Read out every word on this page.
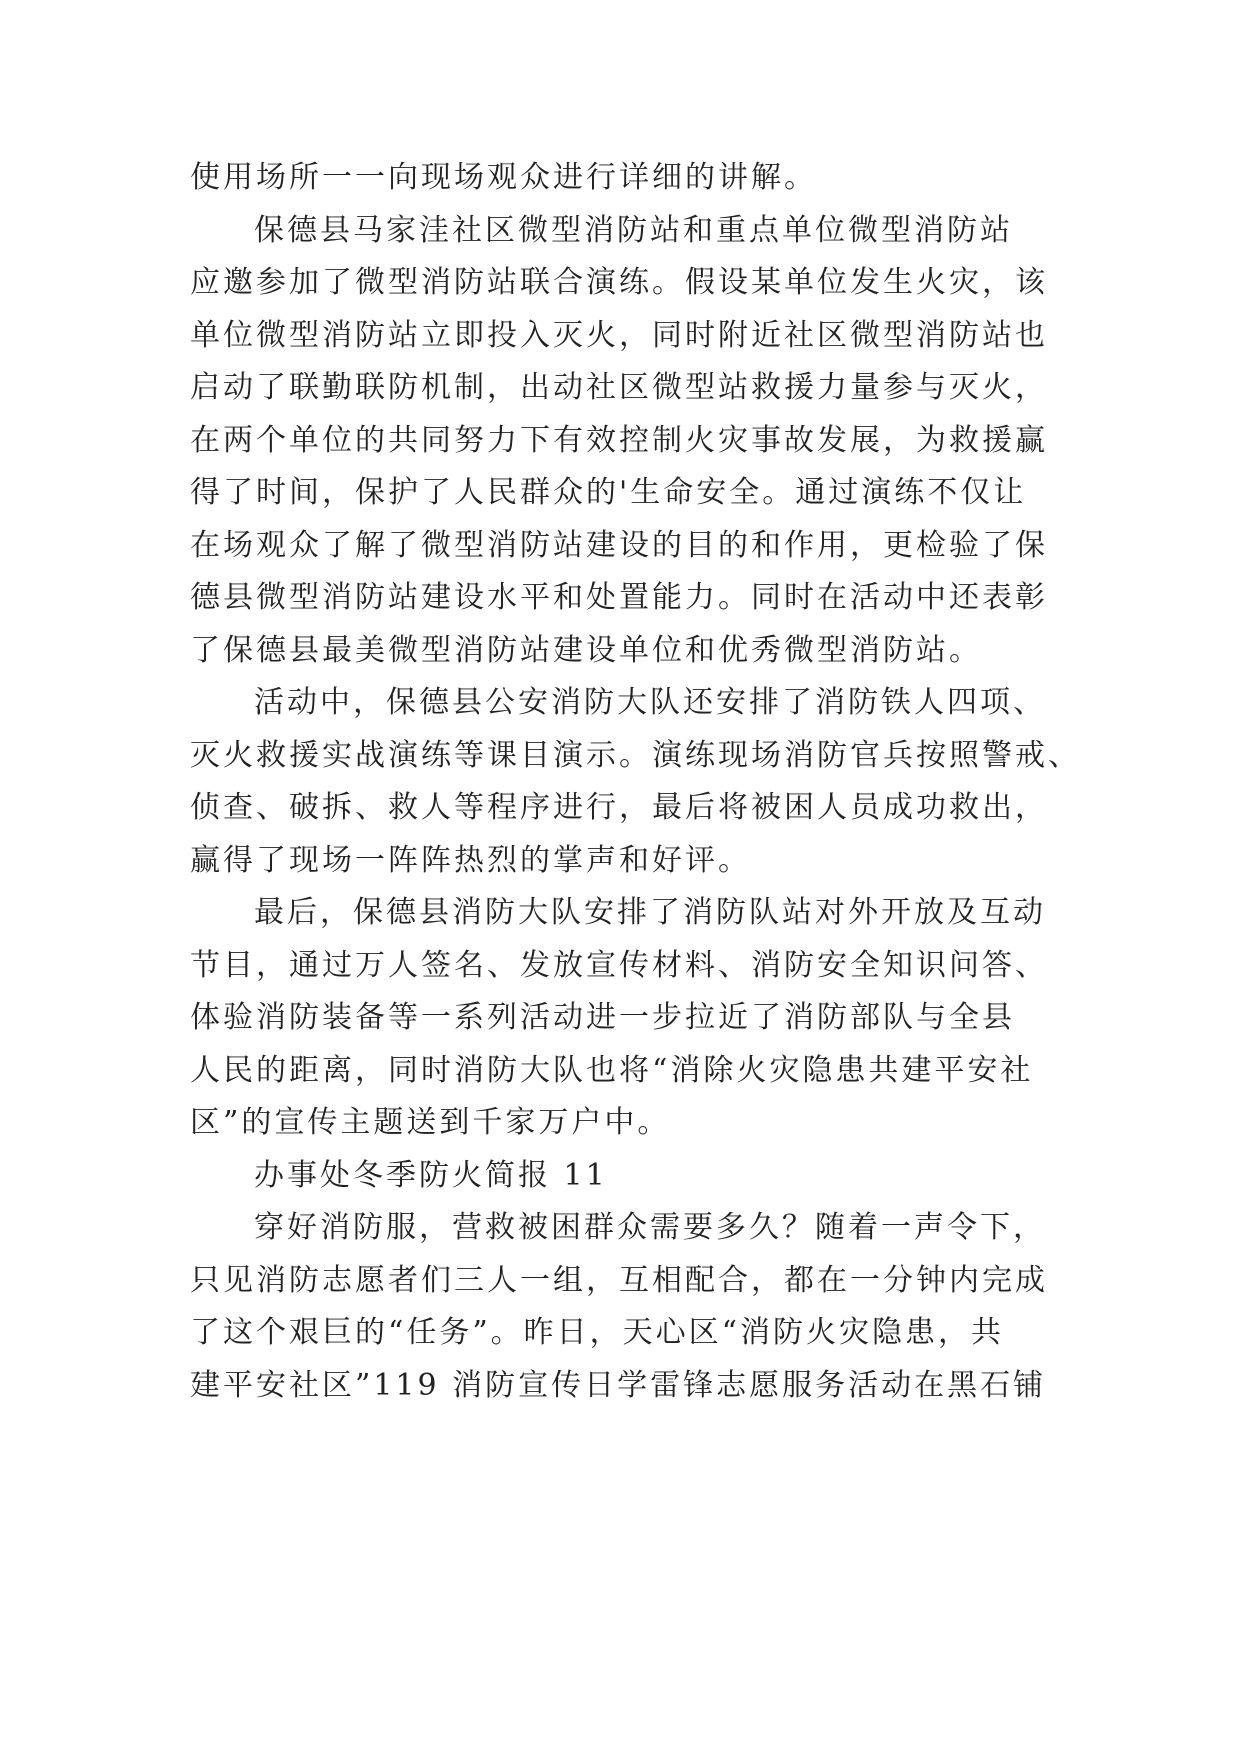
使用场所一一向现场观众进行详细的讲解。
保德县马家洼社区微型消防站和重点单位微型消防站
应邀参加了微型消防站联合演练。假设某单位发生火灾，该
单位微型消防站立即投入灭火，同时附近社区微型消防站也
启动了联勤联防机制，出动社区微型站救援力量参与灭火，
在两个单位的共同努力下有效控制火灾事故发展，为救援赢
得了时间，保护了人民群众的'生命安全。通过演练不仅让
在场观众了解了微型消防站建设的目的和作用，更检验了保
德县微型消防站建设水平和处置能力。同时在活动中还表彰
了保德县最美微型消防站建设单位和优秀微型消防站。
活动中，保德县公安消防大队还安排了消防铁人四项、
灭火救援实战演练等课目演示。演练现场消防官兵按照警戒、
侦查、破拆、救人等程序进行，最后将被困人员成功救出，
赢得了现场一阵阵热烈的掌声和好评。
最后，保德县消防大队安排了消防队站对外开放及互动
节目，通过万人签名、发放宣传材料、消防安全知识问答、
体验消防装备等一系列活动进一步拉近了消防部队与全县
人民的距离，同时消防大队也将“消除火灾隐患共建平安社
区”的宣传主题送到千家万户中。
办事处冬季防火简报 11
穿好消防服，营救被困群众需要多久？随着一声令下，
只见消防志愿者们三人一组，互相配合，都在一分钟内完成
了这个艰巨的“任务”。昨日，天心区“消防火灾隐患，共
建平安社区”119 消防宣传日学雷锋志愿服务活动在黑石铺
